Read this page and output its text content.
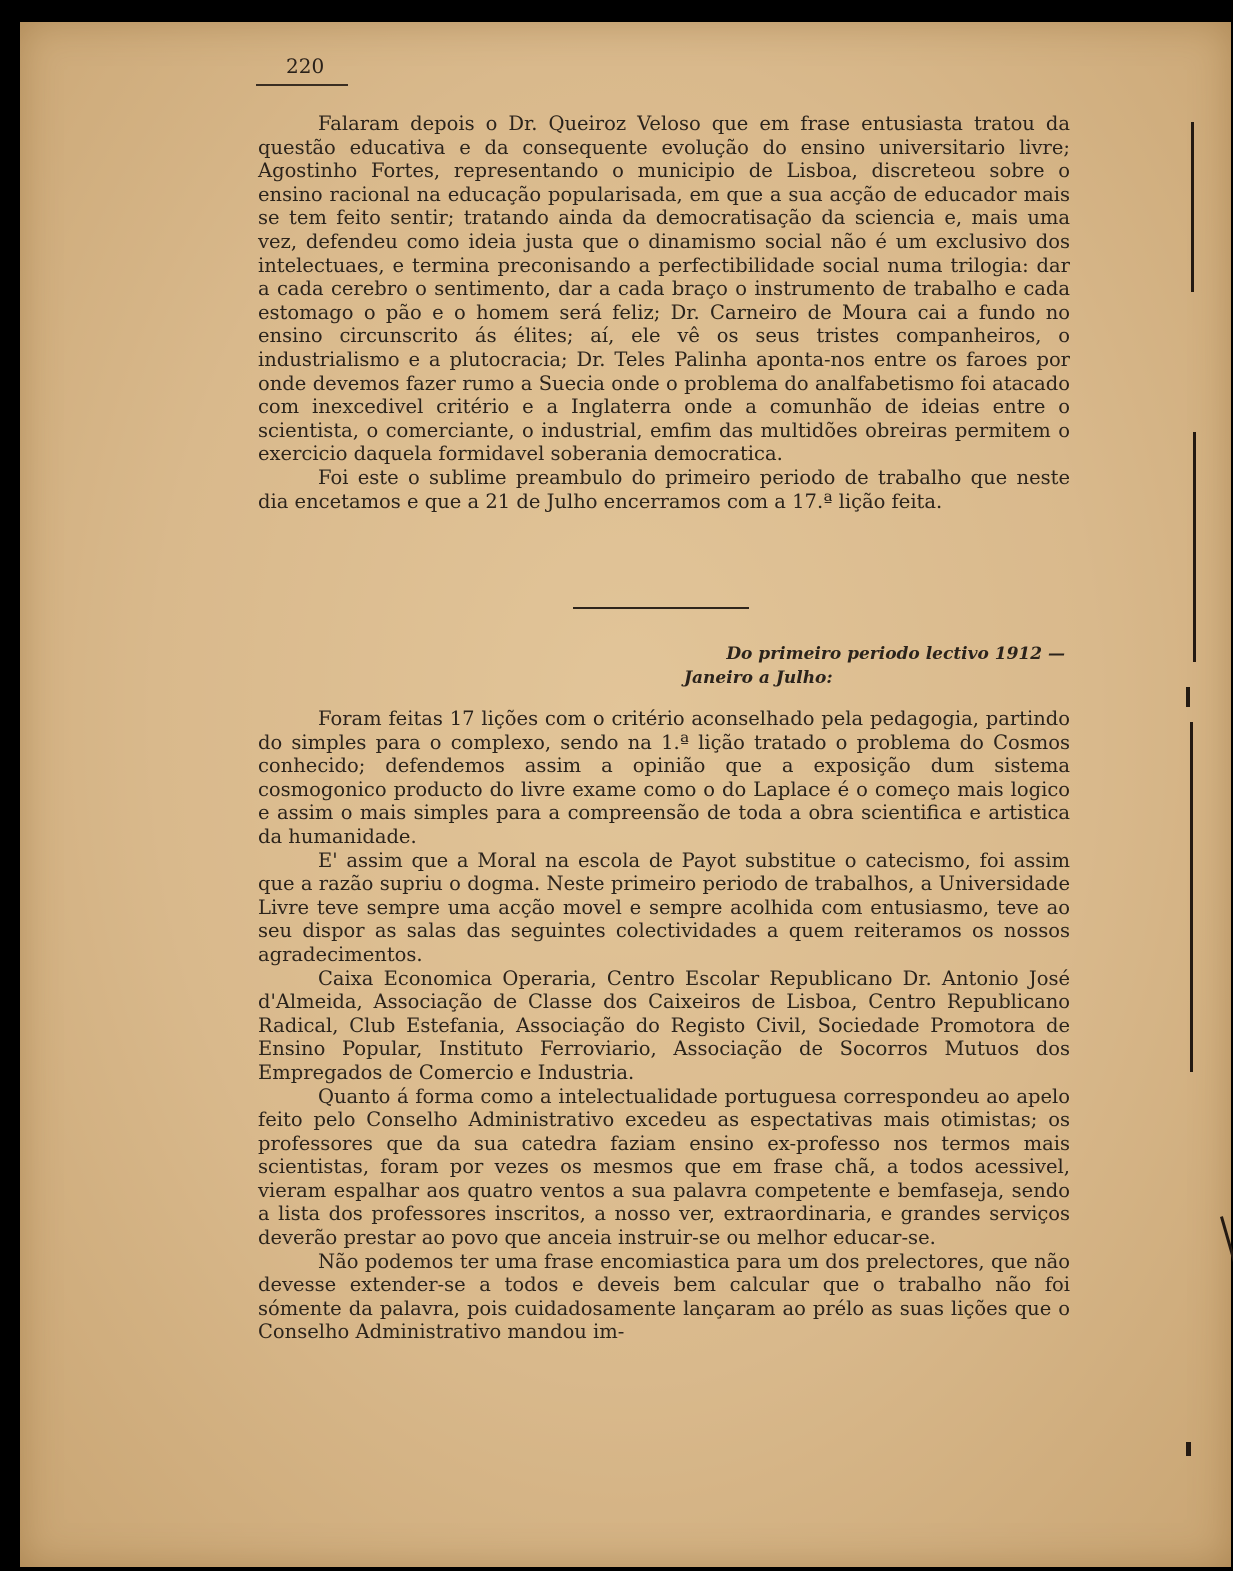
220

Falaram depois o Dr. Queiroz Veloso que em frase entusiasta tratou da questão educativa e da consequente evolução do ensino universitario livre; Agostinho Fortes, representando o municipio de Lisboa, discreteou sobre o ensino racional na educação popularisada, em que a sua acção de educador mais se tem feito sentir; tratando ainda da democratisação da sciencia e, mais uma vez, defendeu como ideia justa que o dinamismo social não é um exclusivo dos intelectuaes, e termina preconisando a perfectibilidade social numa trilogia: dar a cada cerebro o sentimento, dar a cada braço o instrumento de trabalho e cada estomago o pão e o homem será feliz; Dr. Carneiro de Moura cai a fundo no ensino circunscrito ás élites; aí, ele vê os seus tristes companheiros, o industrialismo e a plutocracia; Dr. Teles Palinha aponta-nos entre os faroes por onde devemos fazer rumo a Suecia onde o problema do analfabetismo foi atacado com inexcedivel critério e a Inglaterra onde a comunhão de ideias entre o scientista, o comerciante, o industrial, emfim das multidões obreiras permitem o exercicio daquela formidavel soberania democratica.

Foi este o sublime preambulo do primeiro periodo de trabalho que neste dia encetamos e que a 21 de Julho encerramos com a 17.ª lição feita.

Do primeiro periodo lectivo 1912 —
Janeiro a Julho:

Foram feitas 17 lições com o critério aconselhado pela pedagogia, partindo do simples para o complexo, sendo na 1.ª lição tratado o problema do Cosmos conhecido; defendemos assim a opinião que a exposição dum sistema cosmogonico producto do livre exame como o do Laplace é o começo mais logico e assim o mais simples para a compreensão de toda a obra scientifica e artistica da humanidade.

E' assim que a Moral na escola de Payot substitue o catecismo, foi assim que a razão supriu o dogma. Neste primeiro periodo de trabalhos, a Universidade Livre teve sempre uma acção movel e sempre acolhida com entusiasmo, teve ao seu dispor as salas das seguintes colectividades a quem reiteramos os nossos agradecimentos.

Caixa Economica Operaria, Centro Escolar Republicano Dr. Antonio José d'Almeida, Associação de Classe dos Caixeiros de Lisboa, Centro Republicano Radical, Club Estefania, Associação do Registo Civil, Sociedade Promotora de Ensino Popular, Instituto Ferroviario, Associação de Socorros Mutuos dos Empregados de Comercio e Industria.

Quanto á forma como a intelectualidade portuguesa correspondeu ao apelo feito pelo Conselho Administrativo excedeu as espectativas mais otimistas; os professores que da sua catedra faziam ensino ex-professo nos termos mais scientistas, foram por vezes os mesmos que em frase chã, a todos acessivel, vieram espalhar aos quatro ventos a sua palavra competente e bemfaseja, sendo a lista dos professores inscritos, a nosso ver, extraordinaria, e grandes serviços deverão prestar ao povo que anceia instruir-se ou melhor educar-se.

Não podemos ter uma frase encomiastica para um dos prelectores, que não devesse extender-se a todos e deveis bem calcular que o trabalho não foi sómente da palavra, pois cuidadosamente lançaram ao prélo as suas lições que o Conselho Administrativo mandou im-
